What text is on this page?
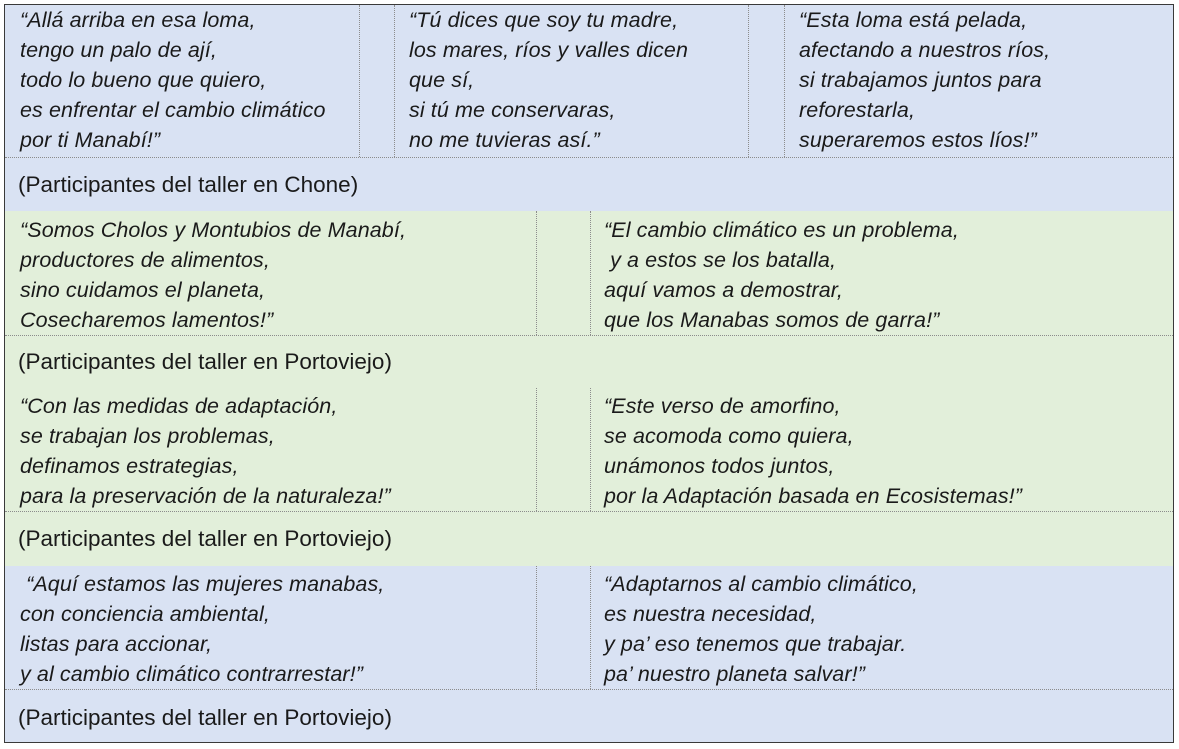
“Allá arriba en esa loma,
tengo un palo de ají,
todo lo bueno que quiero,
es enfrentar el cambio climático
por ti Manabí!”
“Tú dices que soy tu madre,
los mares, ríos y valles dicen
que sí,
si tú me conservaras,
no me tuvieras así.”
“Esta loma está pelada,
afectando a nuestros ríos,
si trabajamos juntos para
reforestarla,
superaremos estos líos!”
(Participantes del taller en Chone)
“Somos Cholos y Montubios de Manabí,
productores de alimentos,
sino cuidamos el planeta,
Cosecharemos lamentos!”
“El cambio climático es un problema,
y a estos se los batalla,
aquí vamos a demostrar,
que los Manabas somos de garra!”
(Participantes del taller en Portoviejo)
“Con las medidas de adaptación,
se trabajan los problemas,
definamos estrategias,
para la preservación de la naturaleza!”
“Este verso de amorfino,
se acomoda como quiera,
unámonos todos juntos,
por la Adaptación basada en Ecosistemas!”
(Participantes del taller en Portoviejo)
“Aquí estamos las mujeres manabas,
con conciencia ambiental,
listas para accionar,
y al cambio climático contrarrestar!”
“Adaptarnos al cambio climático,
es nuestra necesidad,
y pa’ eso tenemos que trabajar.
pa’ nuestro planeta salvar!”
(Participantes del taller en Portoviejo)
